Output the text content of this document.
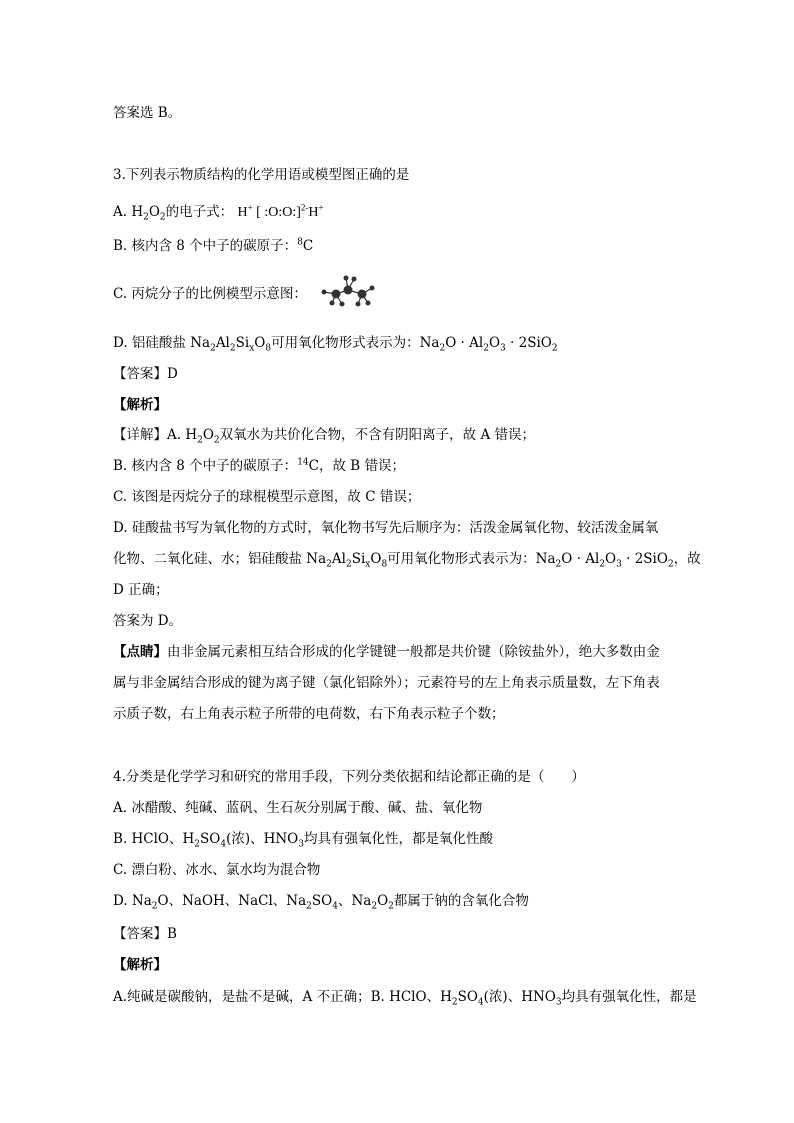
答案选 B。
3.下列表示物质结构的化学用语或模型图正确的是
A. $H_2O_2$的电子式： H+ [ :O:O:]$^{2-}$H+
B. 核内含 8 个中子的碳原子：$^8$C
C. 丙烷分子的比例模型示意图：
D. 铝硅酸盐 $Na_2Al_2Si_xO_8$可用氧化物形式表示为：$Na_2O \cdot Al_2O_3 \cdot 2SiO_2$
【答案】D
【解析】
【详解】A. $H_2O_2$双氧水为共价化合物，不含有阴阳离子，故 A 错误；
B. 核内含 8 个中子的碳原子：$^{14}$C，故 B 错误；
C. 该图是丙烷分子的球棍模型示意图，故 C 错误；
D. 硅酸盐书写为氧化物的方式时，氧化物书写先后顺序为：活泼金属氧化物、较活泼金属氧
化物、二氧化硅、水；铝硅酸盐 $Na_2Al_2Si_xO_8$可用氧化物形式表示为：$Na_2O \cdot Al_2O_3 \cdot 2SiO_2$，故
D 正确；
答案为 D。
【点睛】由非金属元素相互结合形成的化学键键一般都是共价键（除铵盐外），绝大多数由金
属与非金属结合形成的键为离子键（氯化铝除外）；元素符号的左上角表示质量数，左下角表
示质子数，右上角表示粒子所带的电荷数，右下角表示粒子个数；
4.分类是化学学习和研究的常用手段，下列分类依据和结论都正确的是（　　）
A. 冰醋酸、纯碱、蓝矾、生石灰分别属于酸、碱、盐、氧化物
B. HClO、$H_2SO_4$(浓)、$HNO_3$均具有强氧化性，都是氧化性酸
C. 漂白粉、冰水、氯水均为混合物
D. $Na_2O$、NaOH、NaCl、$Na_2SO_4$、$Na_2O_2$都属于钠的含氧化合物
【答案】B
【解析】
A.纯碱是碳酸钠，是盐不是碱，A 不正确；B. HClO、$H_2SO_4$(浓)、$HNO_3$均具有强氧化性，都是
